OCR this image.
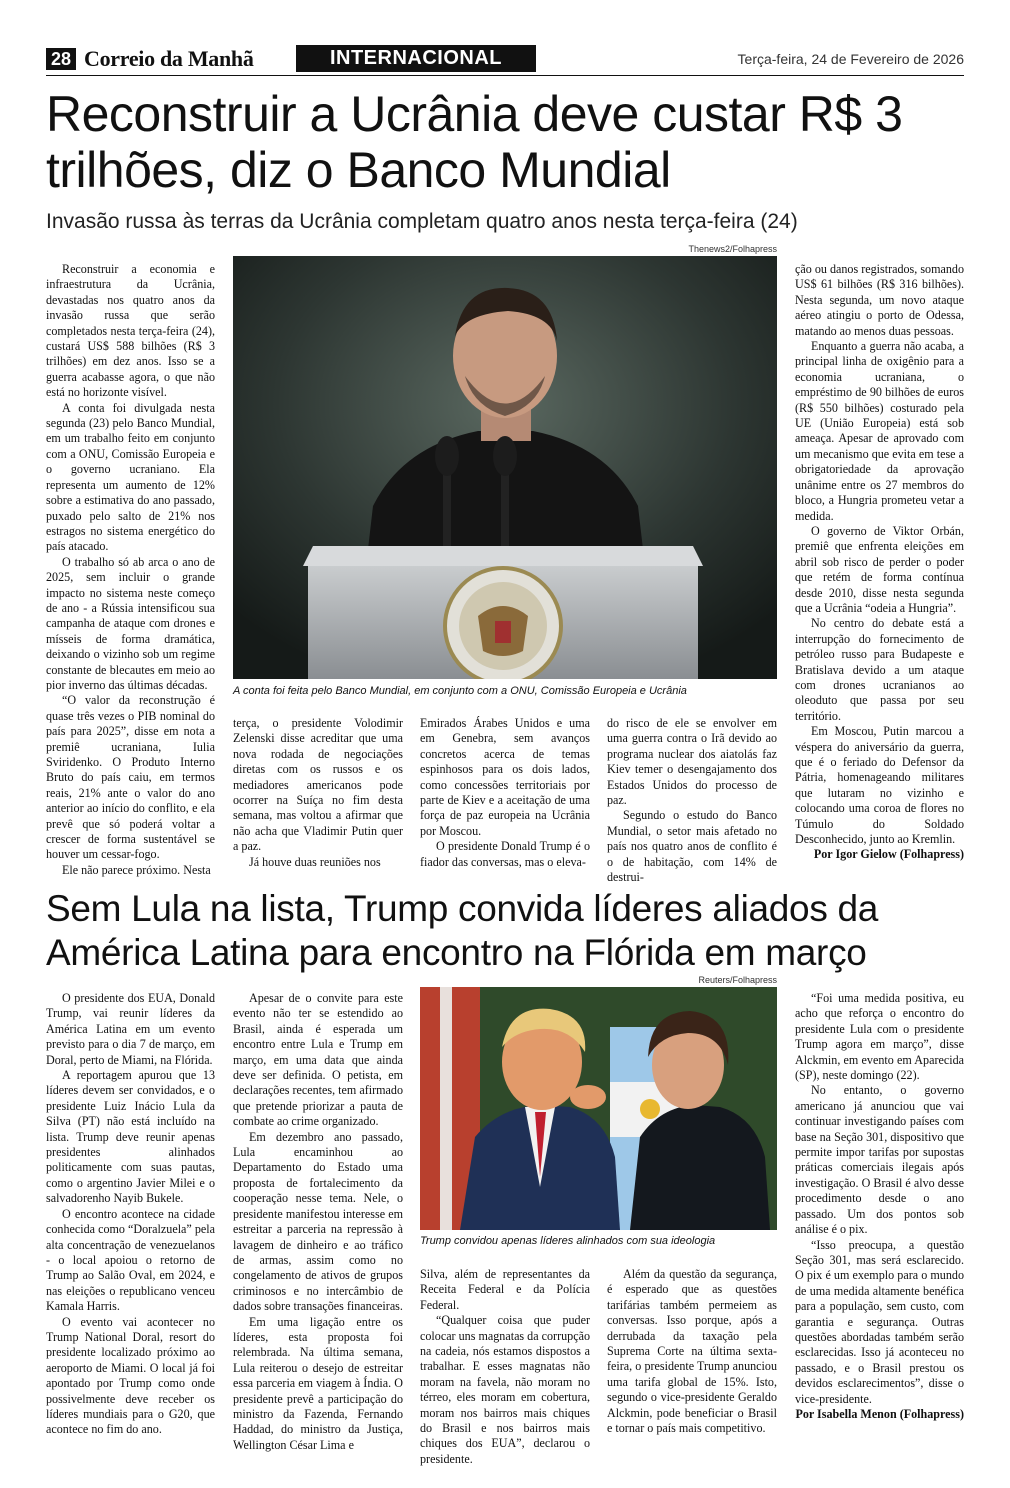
28 Correio da Manhã	INTERNACIONAL	Terça-feira, 24 de Fevereiro de 2026
Reconstruir a Ucrânia deve custar R$ 3 trilhões, diz o Banco Mundial
Invasão russa às terras da Ucrânia completam quatro anos nesta terça-feira (24)
Thenews2/Folhapress
A conta foi feita pelo Banco Mundial, em conjunto com a ONU, Comissão Europeia e Ucrânia

Reconstruir a economia e infraestrutura da Ucrânia, devastadas nos quatro anos da invasão russa que serão completados nesta terça-feira (24), custará US$ 588 bilhões (R$ 3 trilhões) em dez anos. Isso se a guerra acabasse agora, o que não está no horizonte visível.

A conta foi divulgada nesta segunda (23) pelo Banco Mundial, em um trabalho feito em conjunto com a ONU, Comissão Europeia e o governo ucraniano. Ela representa um aumento de 12% sobre a estimativa do ano passado, puxado pelo salto de 21% nos estragos no sistema energético do país atacado.

O trabalho só ab arca o ano de 2025, sem incluir o grande impacto no sistema neste começo de ano - a Rússia intensificou sua campanha de ataque com drones e mísseis de forma dramática, deixando o vizinho sob um regime constante de blecautes em meio ao pior inverno das últimas décadas.

“O valor da reconstrução é quase três vezes o PIB nominal do país para 2025”, disse em nota a premiê ucraniana, Iulia Sviridenko. O Produto Interno Bruto do país caiu, em termos reais, 21% ante o valor do ano anterior ao início do conflito, e ela prevê que só poderá voltar a crescer de forma sustentável se houver um cessar-fogo.

Ele não parece próximo. Nesta

terça, o presidente Volodimir Zelenski disse acreditar que uma nova rodada de negociações diretas com os russos e os mediadores americanos pode ocorrer na Suíça no fim desta semana, mas voltou a afirmar que não acha que Vladimir Putin quer a paz.

Já houve duas reuniões nos

Emirados Árabes Unidos e uma em Genebra, sem avanços concretos acerca de temas espinhosos para os dois lados, como concessões territoriais por parte de Kiev e a aceitação de uma força de paz europeia na Ucrânia por Moscou.

O presidente Donald Trump é o fiador das conversas, mas o eleva-

do risco de ele se envolver em uma guerra contra o Irã devido ao programa nuclear dos aiatolás faz Kiev temer o desengajamento dos Estados Unidos do processo de paz.

Segundo o estudo do Banco Mundial, o setor mais afetado no país nos quatro anos de conflito é o de habitação, com 14% de destrui-

ção ou danos registrados, somando US$ 61 bilhões (R$ 316 bilhões). Nesta segunda, um novo ataque aéreo atingiu o porto de Odessa, matando ao menos duas pessoas.

Enquanto a guerra não acaba, a principal linha de oxigênio para a economia ucraniana, o empréstimo de 90 bilhões de euros (R$ 550 bilhões) costurado pela UE (União Europeia) está sob ameaça. Apesar de aprovado com um mecanismo que evita em tese a obrigatoriedade da aprovação unânime entre os 27 membros do bloco, a Hungria prometeu vetar a medida.

O governo de Viktor Orbán, premiê que enfrenta eleições em abril sob risco de perder o poder que retém de forma contínua desde 2010, disse nesta segunda que a Ucrânia “odeia a Hungria”.

No centro do debate está a interrupção do fornecimento de petróleo russo para Budapeste e Bratislava devido a um ataque com drones ucranianos ao oleoduto que passa por seu território.

Em Moscou, Putin marcou a véspera do aniversário da guerra, que é o feriado do Defensor da Pátria, homenageando militares que lutaram no vizinho e colocando uma coroa de flores no Túmulo do Soldado Desconhecido, junto ao Kremlin.

Por Igor Gielow (Folhapress)

Sem Lula na lista, Trump convida líderes aliados da América Latina para encontro na Flórida em março
Reuters/Folhapress
Trump convidou apenas líderes alinhados com sua ideologia

O presidente dos EUA, Donald Trump, vai reunir líderes da América Latina em um evento previsto para o dia 7 de março, em Doral, perto de Miami, na Flórida.

A reportagem apurou que 13 líderes devem ser convidados, e o presidente Luiz Inácio Lula da Silva (PT) não está incluído na lista. Trump deve reunir apenas presidentes alinhados politicamente com suas pautas, como o argentino Javier Milei e o salvadorenho Nayib Bukele.

O encontro acontece na cidade conhecida como “Doralzuela” pela alta concentração de venezuelanos - o local apoiou o retorno de Trump ao Salão Oval, em 2024, e nas eleições o republicano venceu Kamala Harris.

O evento vai acontecer no Trump National Doral, resort do presidente localizado próximo ao aeroporto de Miami. O local já foi apontado por Trump como onde possivelmente deve receber os líderes mundiais para o G20, que acontece no fim do ano.

Apesar de o convite para este evento não ter se estendido ao Brasil, ainda é esperada um encontro entre Lula e Trump em março, em uma data que ainda deve ser definida. O petista, em declarações recentes, tem afirmado que pretende priorizar a pauta de combate ao crime organizado.

Em dezembro ano passado, Lula encaminhou ao Departamento do Estado uma proposta de fortalecimento da cooperação nesse tema. Nele, o presidente manifestou interesse em estreitar a parceria na repressão à lavagem de dinheiro e ao tráfico de armas, assim como no congelamento de ativos de grupos criminosos e no intercâmbio de dados sobre transações financeiras.

Em uma ligação entre os líderes, esta proposta foi relembrada. Na última semana, Lula reiterou o desejo de estreitar essa parceria em viagem à Índia. O presidente prevê a participação do ministro da Fazenda, Fernando Haddad, do ministro da Justiça, Wellington César Lima e

Silva, além de representantes da Receita Federal e da Polícia Federal.

“Qualquer coisa que puder colocar uns magnatas da corrupção na cadeia, nós estamos dispostos a trabalhar. E esses magnatas não moram na favela, não moram no térreo, eles moram em cobertura, moram nos bairros mais chiques do Brasil e nos bairros mais chiques dos EUA”, declarou o presidente.

Além da questão da segurança, é esperado que as questões tarifárias também permeiem as conversas. Isso porque, após a derrubada da taxação pela Suprema Corte na última sexta-feira, o presidente Trump anunciou uma tarifa global de 15%. Isto, segundo o vice-presidente Geraldo Alckmin, pode beneficiar o Brasil e tornar o país mais competitivo.

“Foi uma medida positiva, eu acho que reforça o encontro do presidente Lula com o presidente Trump agora em março”, disse Alckmin, em evento em Aparecida (SP), neste domingo (22).

No entanto, o governo americano já anunciou que vai continuar investigando países com base na Seção 301, dispositivo que permite impor tarifas por supostas práticas comerciais ilegais após investigação. O Brasil é alvo desse procedimento desde o ano passado. Um dos pontos sob análise é o pix.

“Isso preocupa, a questão Seção 301, mas será esclarecido. O pix é um exemplo para o mundo de uma medida altamente benéfica para a população, sem custo, com garantia e segurança. Outras questões abordadas também serão esclarecidas. Isso já aconteceu no passado, e o Brasil prestou os devidos esclarecimentos”, disse o vice-presidente.

Por Isabella Menon (Folhapress)
